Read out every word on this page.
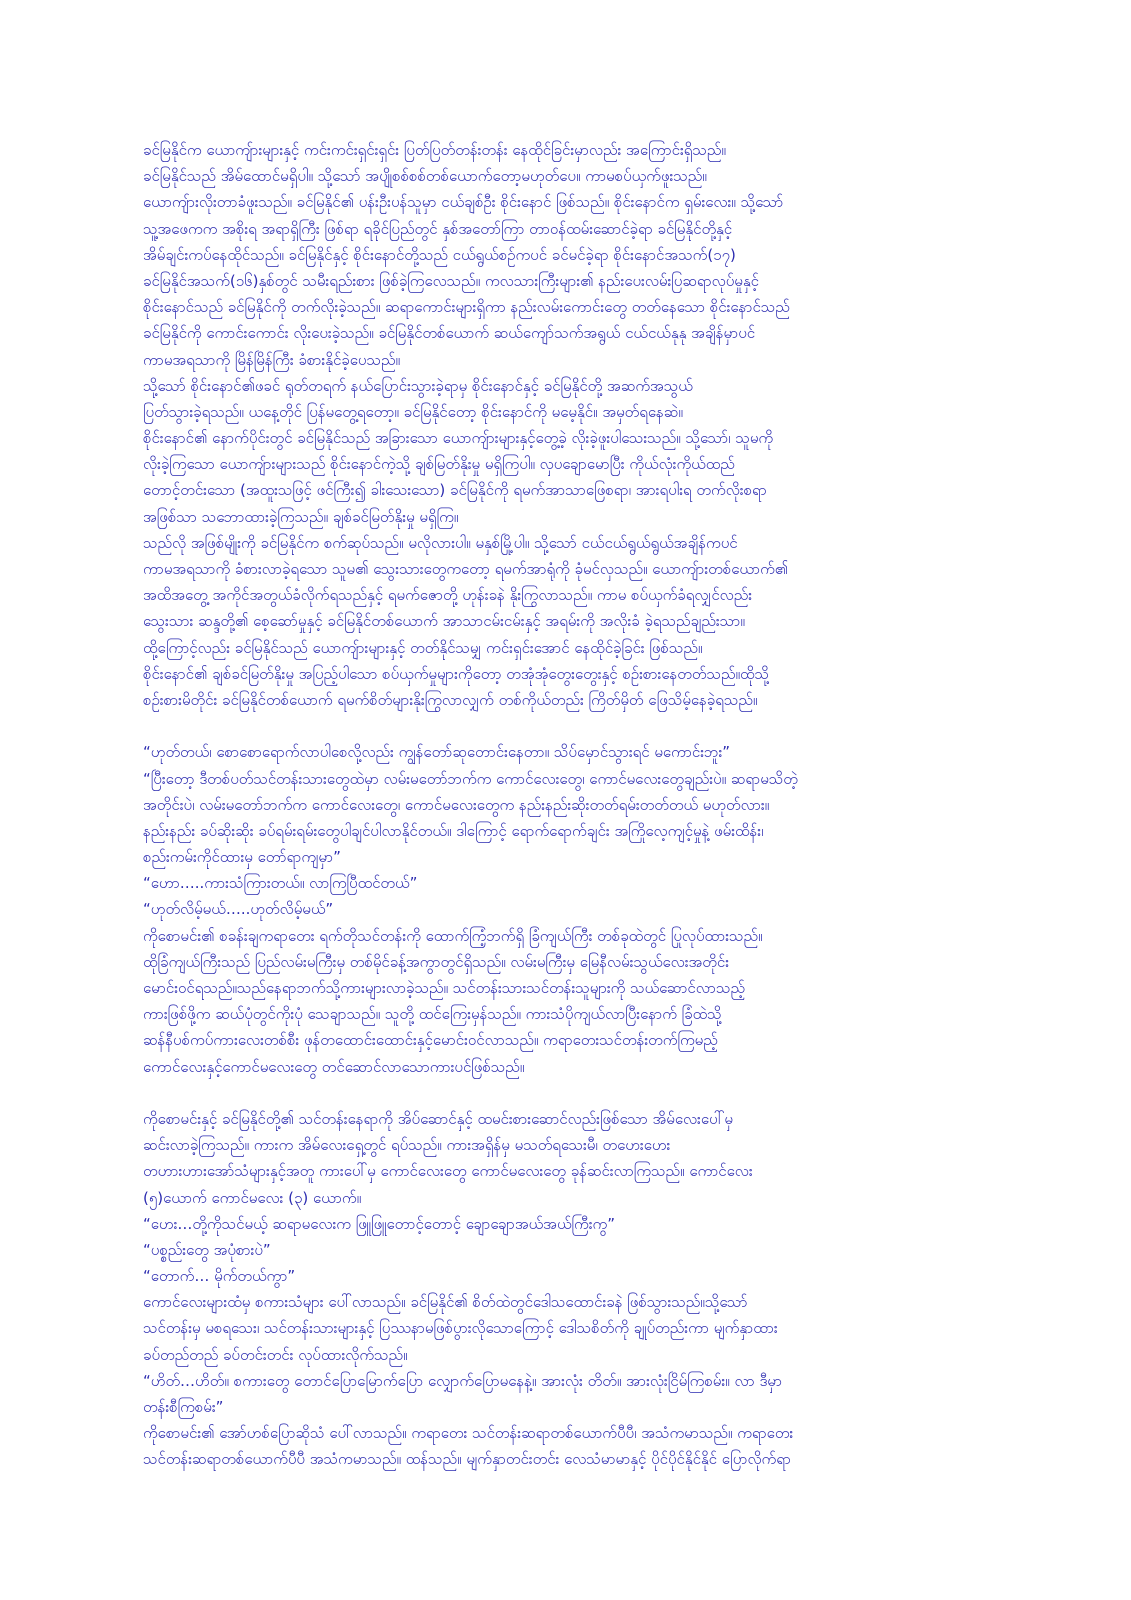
ခင်မြနိုင်က ယောကျ်ားများနှင့် ကင်းကင်းရှင်းရှင်း ပြတ်ပြတ်တန်းတန်း နေထိုင်ခြင်းမှာလည်း အကြောင်းရှိသည်။
ခင်မြနိုင်သည် အိမ်ထောင်မရှိပါ။ သို့သော် အပျိုစစ်စစ်တစ်ယောက်တော့မဟုတ်ပေ။ ကာမစပ်ယှက်ဖူးသည်။
ယောကျ်ားလိုးတာခံဖူးသည်။ ခင်မြနိုင်၏ ပန်းဦးပန်သူမှာ ငယ်ချစ်ဦး စိုင်းနောင် ဖြစ်သည်။ စိုင်းနောင်က ရှမ်းလေး။ သို့သော်
သူ့အဖေကက အစိုးရ အရာရှိကြီး ဖြစ်ရာ ရခိုင်ပြည်တွင် နှစ်အတော်ကြာ တာဝန်ထမ်းဆောင်ခဲ့ရာ ခင်မြနိုင်တို့နှင့်
အိမ်ချင်းကပ်နေထိုင်သည်။ ခင်မြနိုင်နှင့် စိုင်းနောင်တို့သည် ငယ်ရွယ်စဉ်ကပင် ခင်မင်ခဲ့ရာ စိုင်းနောင်အသက်(၁၇)
ခင်မြနိုင်အသက်(၁၆)နှစ်တွင် သမီးရည်းစား ဖြစ်ခဲ့ကြလေသည်။ ကလသားကြီးများ၏ နည်းပေးလမ်းပြဆရာလုပ်မှုနှင့်
စိုင်းနောင်သည် ခင်မြနိုင်ကို တက်လိုးခဲ့သည်။ ဆရာကောင်းများရှိကာ နည်းလမ်းကောင်းတွေ တတ်နေသော စိုင်းနောင်သည်
ခင်မြနိုင်ကို ကောင်းကောင်း လိုးပေးခဲ့သည်။ ခင်မြနိုင်တစ်ယောက် ဆယ်ကျော်သက်အရွယ် ငယ်ငယ်နုနု အချိန်မှာပင်
ကာမအရသာကို မြိန်မြိန်ကြီး ခံစားနိုင်ခဲ့ပေသည်။
သို့သော် စိုင်းနောင်၏ဖခင် ရုတ်တရက် နယ်ပြောင်းသွားခဲ့ရာမှ စိုင်းနောင်နှင့် ခင်မြနိုင်တို့ အဆက်အသွယ်
ပြတ်သွားခဲ့ရသည်။ ယနေ့တိုင် ပြန်မတွေ့ရတော့။ ခင်မြနိုင်တော့ စိုင်းနောင်ကို မမေ့နိုင်။ အမှတ်ရနေဆဲ။
စိုင်းနောင်၏ နောက်ပိုင်းတွင် ခင်မြနိုင်သည် အခြားသော ယောကျ်ားများနှင့်တွေ့ခဲ့ လိုးခဲ့ဖူးပါသေးသည်။ သို့သော်၊ သူမကို
လိုးခဲ့ကြသော ယောကျ်ားများသည် စိုင်းနောင်ကဲ့သို့ ချစ်မြတ်နိုးမှု မရှိကြပါ။ လှပချောမောပြီး ကိုယ်လုံးကိုယ်ထည်
တောင့်တင်းသော (အထူးသဖြင့် ဖင်ကြီး၍ ခါးသေးသော) ခင်မြနိုင်ကို ရမက်အာသာဖြေစရာ၊ အားရပါးရ တက်လိုးစရာ
အဖြစ်သာ သဘောထားခဲ့ကြသည်။ ချစ်ခင်မြတ်နိုးမှု မရှိကြ။
သည်လို အဖြစ်မျိုးကို ခင်မြနိုင်က စက်ဆုပ်သည်။ မလိုလားပါ။ မနှစ်မြို့ပါ။ သို့သော် ငယ်ငယ်ရွယ်ရွယ်အချိန်ကပင်
ကာမအရသာကို ခံစားလာခဲ့ရသော သူမ၏ သွေးသားတွေကတော့ ရမက်အာရုံကို ခုံမင်လှသည်။ ယောကျ်ားတစ်ယောက်၏
အထိအတွေ့ အကိုင်အတွယ်ခံလိုက်ရသည်နှင့် ရမက်ဇောတို့ ဟုန်းခနဲ နိုးကြွလာသည်။ ကာမ စပ်ယှက်ခံရလျှင်လည်း
သွေးသား ဆန္ဒတို့၏ စေ့ဆော်မှုနှင့် ခင်မြနိုင်တစ်ယောက် အာသာငမ်းငမ်းနှင့် အရမ်းကို အလိုးခံ ခဲ့ရသည်ချည်းသာ။
ထို့ကြောင့်လည်း ခင်မြနိုင်သည် ယောကျ်ားများနှင့် တတ်နိုင်သမျှ ကင်းရှင်းအောင် နေထိုင်ခဲ့ခြင်း ဖြစ်သည်။
စိုင်းနောင်၏ ချစ်ခင်မြတ်နိုးမှု အပြည့်ပါသော စပ်ယှက်မှုများကိုတော့ တအုံအုံတွေးတွေးနှင့် စဉ်းစားနေတတ်သည်။ထိုသို့
စဉ်းစားမိတိုင်း ခင်မြနိုင်တစ်ယောက် ရမက်စိတ်များနိုးကြွလာလျှက် တစ်ကိုယ်တည်း ကြိတ်မှိတ် ဖြေသိမ့်နေခဲ့ရသည်။
“ဟုတ်တယ်၊ စောစောရောက်လာပါစေလို့လည်း ကျွန်တော်ဆုတောင်းနေတာ။ သိပ်မှောင်သွားရင် မကောင်းဘူး”
“ပြီးတော့ ဒီတစ်ပတ်သင်တန်းသားတွေထဲမှာ လမ်းမတော်ဘက်က ကောင်လေးတွေ၊ ကောင်မလေးတွေချည်းပဲ။ ဆရာမသိတဲ့
အတိုင်းပဲ၊ လမ်းမတော်ဘက်က ကောင်လေးတွေ၊ ကောင်မလေးတွေက နည်းနည်းဆိုးတတ်ရမ်းတတ်တယ် မဟုတ်လား။
နည်းနည်း ခပ်ဆိုးဆိုး ခပ်ရမ်းရမ်းတွေပါချင်ပါလာနိုင်တယ်။ ဒါကြောင့် ရောက်ရောက်ချင်း အကြိုလေ့ကျင့်မှုနဲ့ ဖမ်းထိန်း၊
စည်းကမ်းကိုင်ထားမှ တော်ရာကျမှာ”
“ဟော…..ကားသံကြားတယ်။ လာကြပြီထင်တယ်”
“ဟုတ်လိမ့်မယ်…..ဟုတ်လိမ့်မယ်”
ကိုစောမင်း၏ စခန်းချကရာတေး ရက်တိုသင်တန်းကို ထောက်ကြံ့ဘက်ရှိ ခြံကျယ်ကြီး တစ်ခုထဲတွင် ပြုလုပ်ထားသည်။
ထိုခြံကျယ်ကြီးသည် ပြည်လမ်းမကြီးမှ တစ်မိုင်ခန့်အကွာတွင်ရှိသည်။ လမ်းမကြီးမှ မြေနီလမ်းသွယ်လေးအတိုင်း
မောင်းဝင်ရသည်။သည်နေရာဘက်သို့ကားများလာခဲ့သည်။ သင်တန်းသားသင်တန်းသူများကို သယ်ဆောင်လာသည့်
ကားဖြစ်ဖို့က ဆယ်ပုံတွင်ကိုးပုံ သေချာသည်။ သူတို့ ထင်ကြေးမှန်သည်။ ကားသံပိုကျယ်လာပြီးနောက် ခြံထဲသို့
ဆန်နီပစ်ကပ်ကားလေးတစ်စီး ဖုန်တထောင်းထောင်းနှင့်မောင်းဝင်လာသည်။ ကရာတေးသင်တန်းတက်ကြမည့်
ကောင်လေးနှင့်ကောင်မလေးတွေ တင်ဆောင်လာသောကားပင်ဖြစ်သည်။
ကိုစောမင်းနှင့် ခင်မြနိုင်တို့၏ သင်တန်းနေရာကို အိပ်ဆောင်နှင့် ထမင်းစားဆောင်လည်းဖြစ်သော အိမ်လေးပေါ်မှ
ဆင်းလာခဲ့ကြသည်။ ကားက အိမ်လေးရှေ့တွင် ရပ်သည်။ ကားအရှိန်မှ မသတ်ရသေးမီ၊ တဟေးဟေး
တဟားဟားအော်သံများနှင့်အတူ ကားပေါ်မှ ကောင်လေးတွေ ကောင်မလေးတွေ ခုန်ဆင်းလာကြသည်။ ကောင်လေး
(၅)ယောက် ကောင်မလေး (၃) ယောက်။
“ဟေး…တို့ကိုသင်မယ့် ဆရာမလေးက ဖြူဖြူတောင့်တောင့် ချောချောအယ်အယ်ကြီးကွ”
“ပစ္စည်းတွေ အပုံစားပဲ”
“တောက်… မိုက်တယ်ကွာ”
ကောင်လေးများထံမှ စကားသံများ ပေါ်လာသည်။ ခင်မြနိုင်၏ စိတ်ထဲတွင်ဒေါသထောင်းခနဲ ဖြစ်သွားသည်။သို့သော်
သင်တန်းမှ မစရသေး၊ သင်တန်းသားများနှင့် ပြဿနာမဖြစ်ပွားလိုသောကြောင့် ဒေါသစိတ်ကို ချုပ်တည်းကာ မျက်နှာထား
ခပ်တည်တည် ခပ်တင်းတင်း လုပ်ထားလိုက်သည်။
“ဟိတ်…ဟိတ်။ စကားတွေ တောင်ပြောမြောက်ပြော လျှောက်ပြောမနေနဲ့။ အားလုံး တိတ်။ အားလုံးငြိမ်ကြစမ်း။ လာ ဒီမှာ
တန်းစီကြစမ်း”
ကိုစောမင်း၏ အော်ဟစ်ပြောဆိုသံ ပေါ်လာသည်။ ကရာတေး သင်တန်းဆရာတစ်ယောက်ပီပီ၊ အသံကမာသည်။ ကရာတေး
သင်တန်းဆရာတစ်ယောက်ပီပီ အသံကမာသည်။ ထန်သည်။ မျက်နှာတင်းတင်း လေသံမာမာနှင့် ပိုင်ပိုင်နိုင်နိုင် ပြောလိုက်ရာ
